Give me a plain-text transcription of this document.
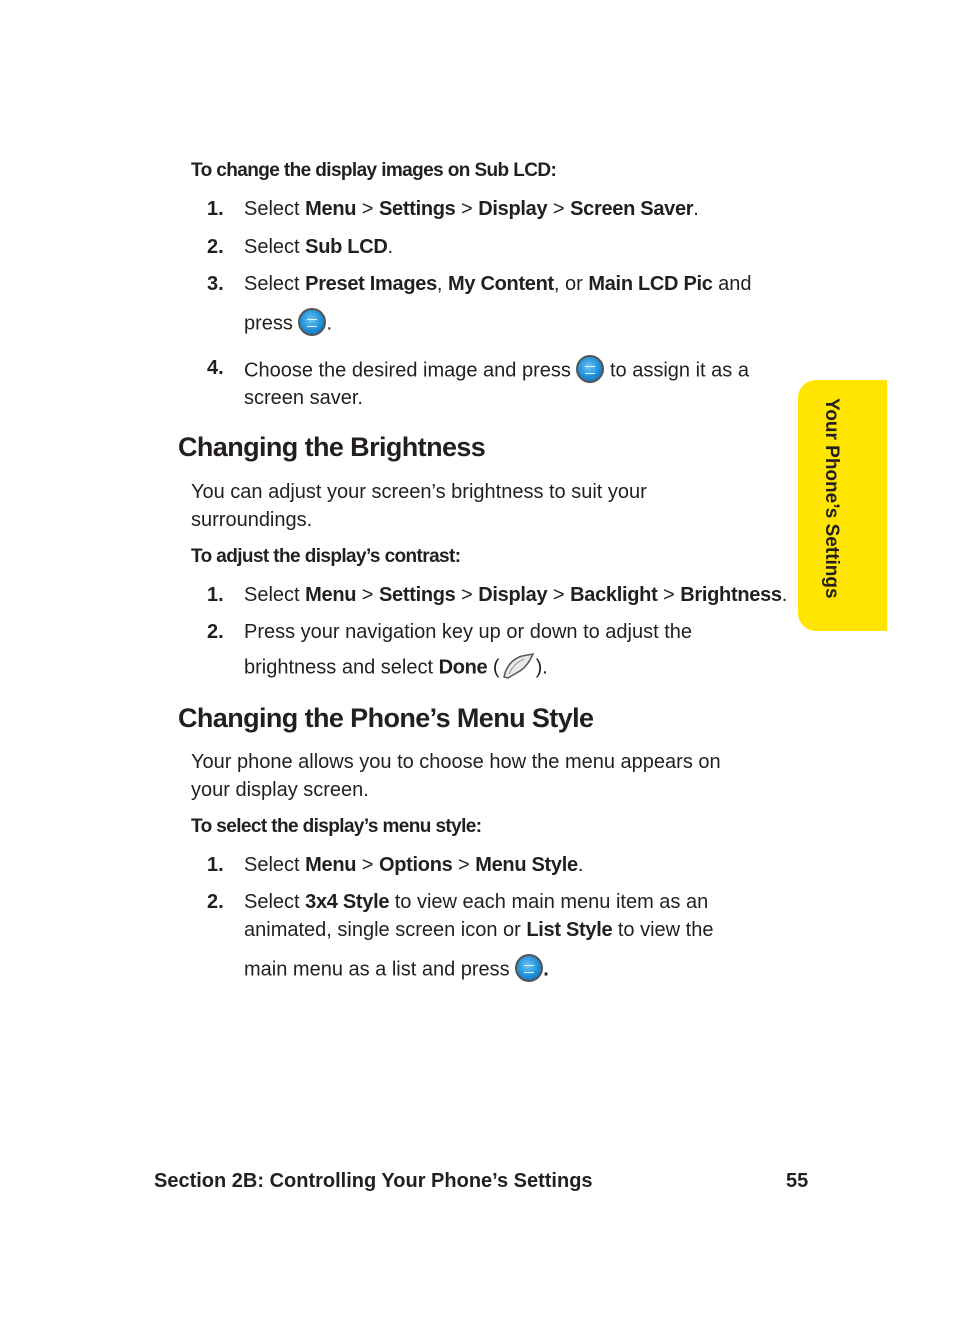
Your Phone’s Settings
To change the display images on Sub LCD:
1. Select Menu > Settings > Display > Screen Saver.
2. Select Sub LCD.
3. Select Preset Images, My Content, or Main LCD Pic and
press .
4. Choose the desired image and press to assign it as a
screen saver.
Changing the Brightness
You can adjust your screen’s brightness to suit your
surroundings.
To adjust the display’s contrast:
1. Select Menu > Settings > Display > Backlight > Brightness.
2. Press your navigation key up or down to adjust the
brightness and select Done ( ).
Changing the Phone’s Menu Style
Your phone allows you to choose how the menu appears on
your display screen.
To select the display’s menu style:
1. Select Menu > Options > Menu Style.
2. Select 3x4 Style to view each main menu item as an
animated, single screen icon or List Style to view the
main menu as a list and press .
Section 2B: Controlling Your Phone’s Settings	55
